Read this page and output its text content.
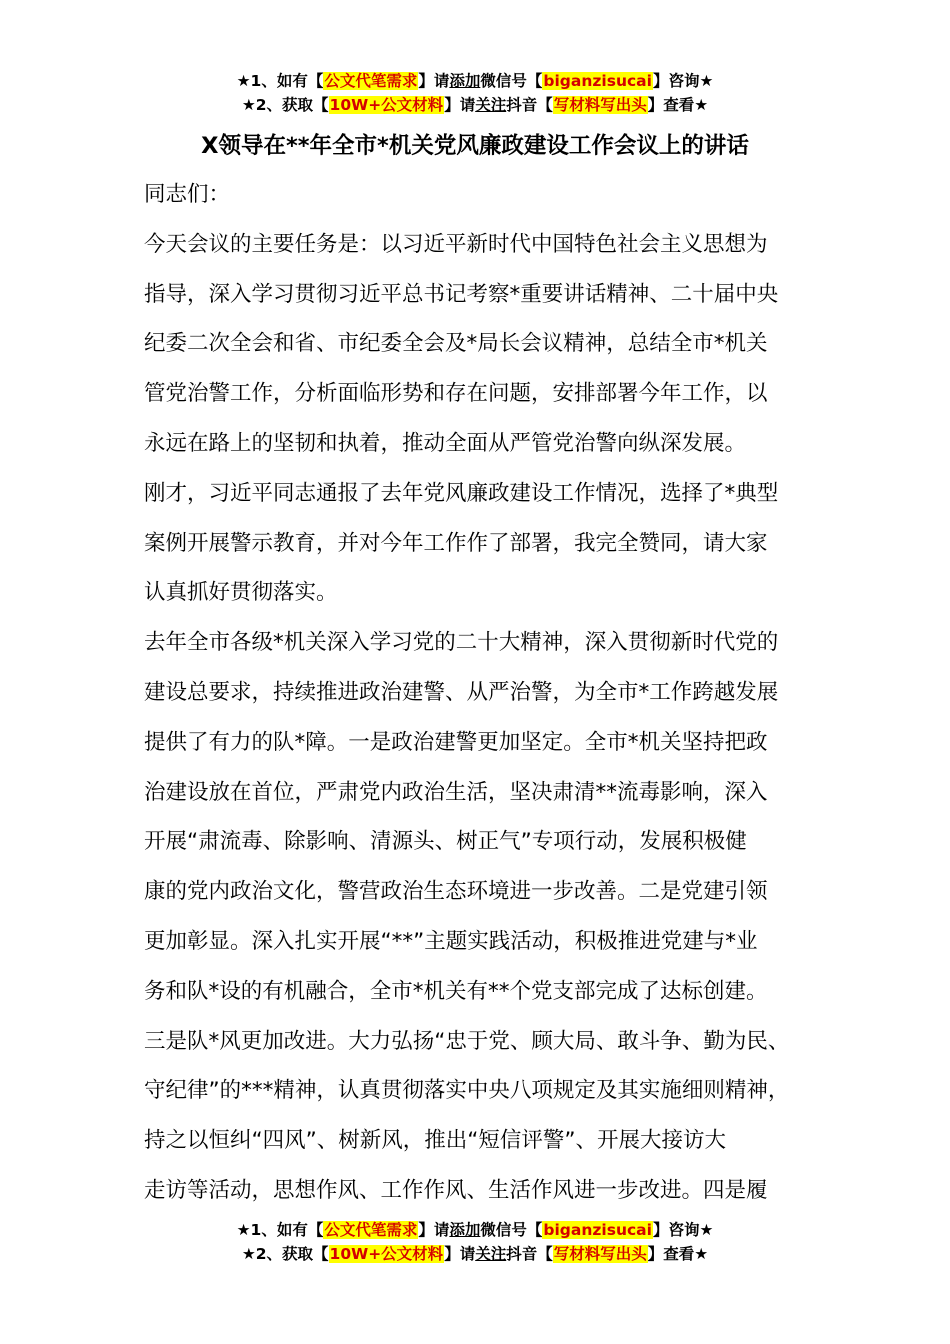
★1、如有【公文代笔需求】请添加微信号【biganzisucai】咨询★
★2、获取【10W+公文材料】请关注抖音【写材料写出头】查看★
X领导在**年全市*机关党风廉政建设工作会议上的讲话
同志们：
今天会议的主要任务是：以习近平新时代中国特色社会主义思想为
指导，深入学习贯彻习近平总书记考察*重要讲话精神、二十届中央
纪委二次全会和省、市纪委全会及*局长会议精神，总结全市*机关
管党治警工作，分析面临形势和存在问题，安排部署今年工作，以
永远在路上的坚韧和执着，推动全面从严管党治警向纵深发展。
刚才，习近平同志通报了去年党风廉政建设工作情况，选择了*典型
案例开展警示教育，并对今年工作作了部署，我完全赞同，请大家
认真抓好贯彻落实。
去年全市各级*机关深入学习党的二十大精神，深入贯彻新时代党的
建设总要求，持续推进政治建警、从严治警，为全市*工作跨越发展
提供了有力的队*障。一是政治建警更加坚定。全市*机关坚持把政
治建设放在首位，严肃党内政治生活，坚决肃清**流毒影响，深入
开展“肃流毒、除影响、清源头、树正气”专项行动，发展积极健
康的党内政治文化，警营政治生态环境进一步改善。二是党建引领
更加彰显。深入扎实开展“**”主题实践活动，积极推进党建与*业
务和队*设的有机融合，全市*机关有**个党支部完成了达标创建。
三是队*风更加改进。大力弘扬“忠于党、顾大局、敢斗争、勤为民、
守纪律”的***精神，认真贯彻落实中央八项规定及其实施细则精神，
持之以恒纠“四风”、树新风，推出“短信评警”、开展大接访大
走访等活动，思想作风、工作作风、生活作风进一步改进。四是履
★1、如有【公文代笔需求】请添加微信号【biganzisucai】咨询★
★2、获取【10W+公文材料】请关注抖音【写材料写出头】查看★
